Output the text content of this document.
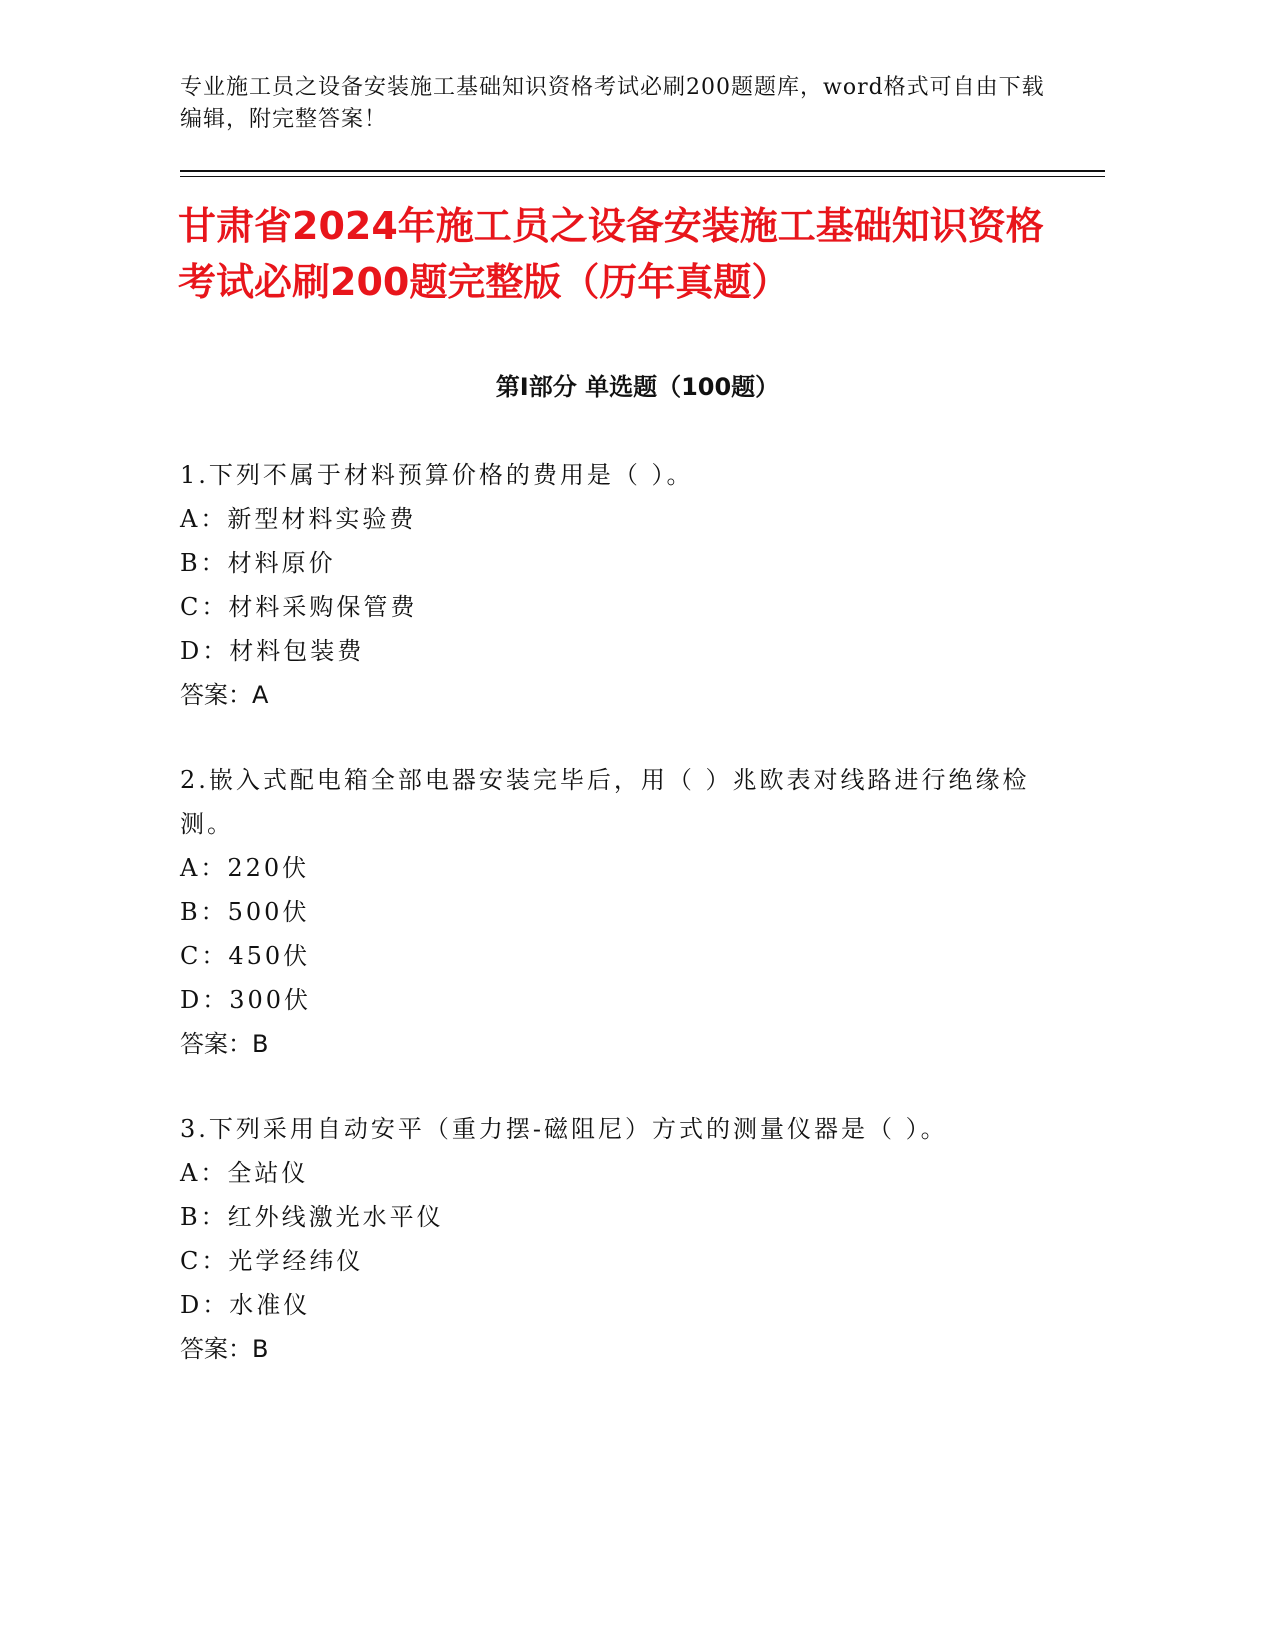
专业施工员之设备安装施工基础知识资格考试必刷200题题库，word格式可自由下载编辑，附完整答案！
甘肃省2024年施工员之设备安装施工基础知识资格考试必刷200题完整版（历年真题）
第I部分 单选题（100题）

1.下列不属于材料预算价格的费用是（ ）。

A：新型材料实验费

B：材料原价

C：材料采购保管费

D：材料包装费

答案：A

2.嵌入式配电箱全部电器安装完毕后，用（ ）兆欧表对线路进行绝缘检测。

A：220伏

B：500伏

C：450伏

D：300伏

答案：B

3.下列采用自动安平（重力摆-磁阻尼）方式的测量仪器是（ ）。

A：全站仪

B：红外线激光水平仪

C：光学经纬仪

D：水准仪

答案：B
